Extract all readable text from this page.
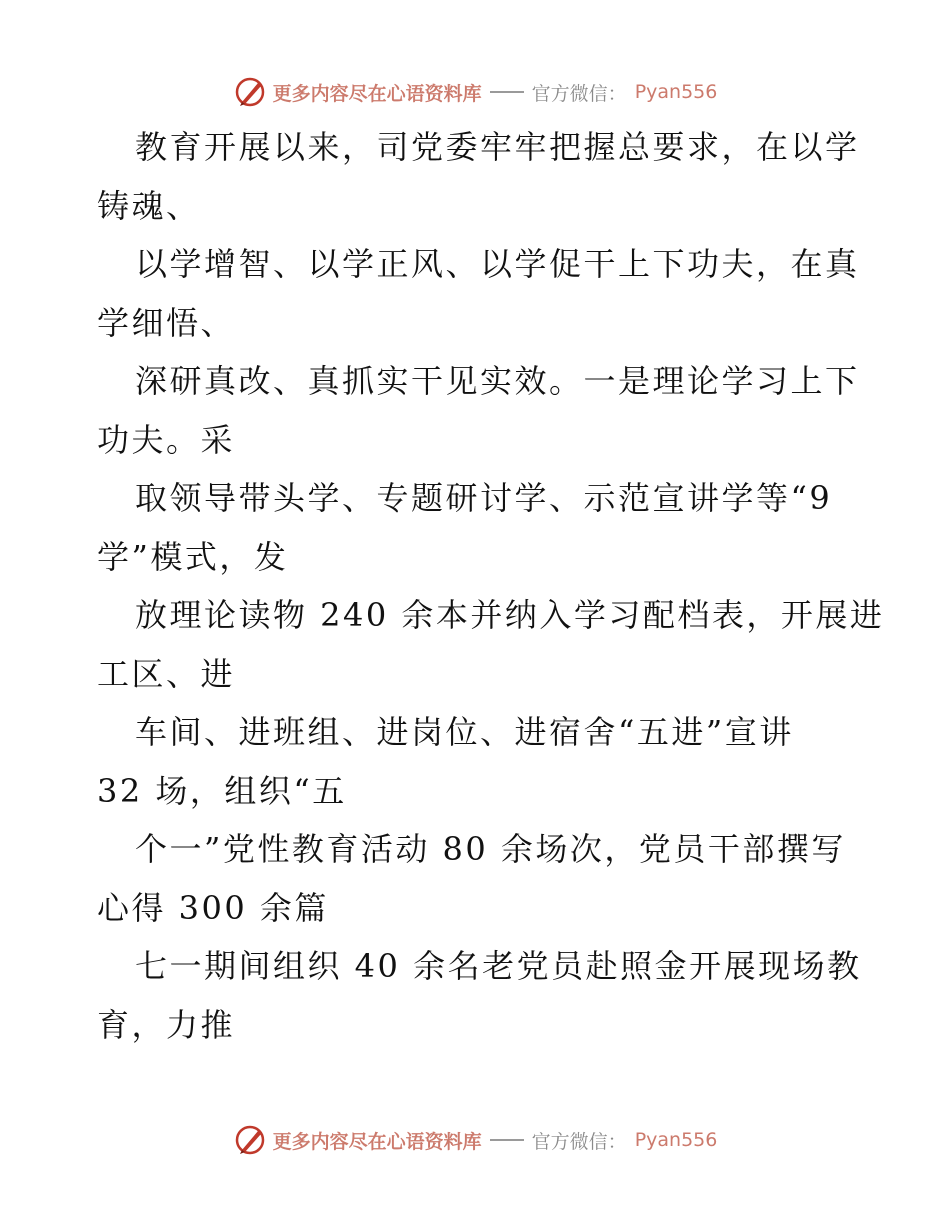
更多内容尽在心语资料库	官方微信： Pyan556
教育开展以来，司党委牢牢把握总要求，在以学
铸魂、
以学增智、以学正风、以学促干上下功夫，在真
学细悟、
深研真改、真抓实干见实效。一是理论学习上下
功夫。采
取领导带头学、专题研讨学、示范宣讲学等“9
学”模式，发
放理论读物 240 余本并纳入学习配档表，开展进
工区、进
车间、进班组、进岗位、进宿舍“五进”宣讲
32 场，组织“五
个一”党性教育活动 80 余场次，党员干部撰写
心得 300 余篇
七一期间组织 40 余名老党员赴照金开展现场教
育，力推
更多内容尽在心语资料库	官方微信： Pyan556
